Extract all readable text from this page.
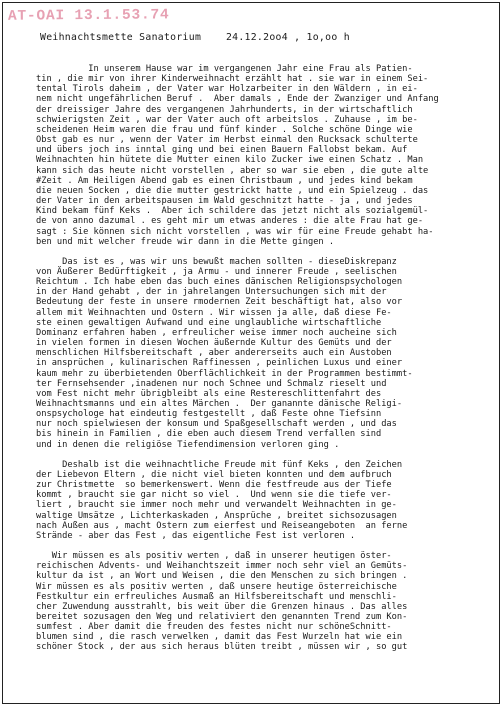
AT-OAI 13.1.53.74
Weihnachtsmette Sanatorium    24.12.2oo4 , 1o,oo h
In unserem Hause war im vergangenen Jahr eine Frau als Patien-
tin , die mir von ihrer Kinderweihnacht erzählt hat . sie war in einem Sei-
tental Tirols daheim , der Vater war Holzarbeiter in den Wäldern , in ei-
nem nicht ungefährlichen Beruf .  Aber damals , Ende der Zwanziger und Anfang
der dreissiger Jahre des vergangenen Jahrhunderts, in der wirtschaftlich
schwierigsten Zeit , war der Vater auch oft arbeitslos . Zuhause , im be-
scheidenen Heim waren die frau und fünf kinder . Solche schöne Dinge wie
Obst gab es nur , wenn der Vater im Herbst einmal den Rucksack schulterte
und übers joch ins inntal ging und bei einen Bauern Fallobst bekam. Auf
Weihnachten hin hütete die Mutter einen kilo Zucker iwe einen Schatz . Man
kann sich das heute nicht vorstellen , aber so war sie eben , die gute alte
#Zeit . Am Heiligen Abend gab es einen Christbaum , und jedes kind bekam
die neuen Socken , die die mutter gestrickt hatte , und ein Spielzeug . das
der Vater in den arbeitspausen im Wald geschnitzt hatte - ja , und jedes
Kind bekam fünf Keks .  Aber ich schildere das jetzt nicht als sozialgemül-
de von anno dazumal . es geht mir um etwas anderes : die alte Frau hat ge-
sagt : Sie können sich nicht vorstellen , was wir für eine Freude gehabt ha-
ben und mit welcher freude wir dann in die Mette gingen .
Das ist es , was wir uns bewußt machen sollten - dieseDiskrepanz
von Äußerer Bedürftigkeit , ja Armu - und innerer Freude , seelischen
Reichtum . Ich habe eben das buch eines dänischen Religionspsychologen
in der Hand gehabt , der in jahrelangen Untersuchungen sich mit der
Bedeutung der feste in unsere rmodernen Zeit beschäftigt hat, also vor
allem mit Weihnachten und Ostern . Wir wissen ja alle, daß diese Fe-
ste einen gewaltigen Aufwand und eine unglaubliche wirtschaftliche
Dominanz erfahren haben , erfreulicher weise immer noch aucheine sich
in vielen formen in diesen Wochen äußernde Kultur des Gemüts und der
menschlichen Hilfsbereitschaft , aber andererseits auch ein Austoben
in ansprüchen , kulinarischen Raffinessen , peinlichen Luxus und einer
kaum mehr zu überbietenden Oberflächlichkeit in der Programmen bestimmt-
ter Fernsehsender ,inadenen nur noch Schnee und Schmalz rieselt und
vom Fest nicht mehr übrigbleibt als eine Restereschlittenfahrt des
Weihnachtsmanns und ein altes Märchen .  Der ganannte dänische Religi-
onspsychologe hat eindeutig festgestellt , daß Feste ohne Tiefsinn
nur noch spielwiesen der konsum und Spaßgesellschaft werden , und das
bis hinein in Familien , die eben auch diesem Trend verfallen sind
und in denen die religiöse Tiefendimension verloren ging .
Deshalb ist die weihnachtliche Freude mit fünf Keks , den Zeichen
der Liebevon Eltern , die nicht viel bieten konnten und dem aufbruch
zur Christmette  so bemerkenswert. Wenn die festfreude aus der Tiefe
kommt , braucht sie gar nicht so viel .  Und wenn sie die tiefe ver-
liert , braucht sie immer noch mehr und verwandelt Weihnachten in ge-
waltige Umsätze , Lichterkaskaden , Ansprüche , breitet sichsozusagen
nach Außen aus , macht Ostern zum eierfest und Reiseangeboten  an ferne
Strände - aber das Fest , das eigentliche Fest ist verloren .
Wir müssen es als positiv werten , daß in unserer heutigen öster-
reichischen Advents- und Weihanchtszeit immer noch sehr viel an Gemüts-
kultur da ist , an Wort und Weisen , die den Menschen zu sich bringen .
Wir müssen es als positiv werten , daß unsere heutige österreichische
Festkultur ein erfreuliches Ausmaß an Hilfsbereitschaft und menschli-
cher Zuwendung ausstrahlt, bis weit über die Grenzen hinaus . Das alles
bereitet sozusagen den Weg und relativiert den genannten Trend zum Kon-
sumfest . Aber damit die freuden des festes nicht nur schöneSchnitt-
blumen sind , die rasch verwelken , damit das Fest Wurzeln hat wie ein
schöner Stock , der aus sich heraus blüten treibt , müssen wir , so gut
